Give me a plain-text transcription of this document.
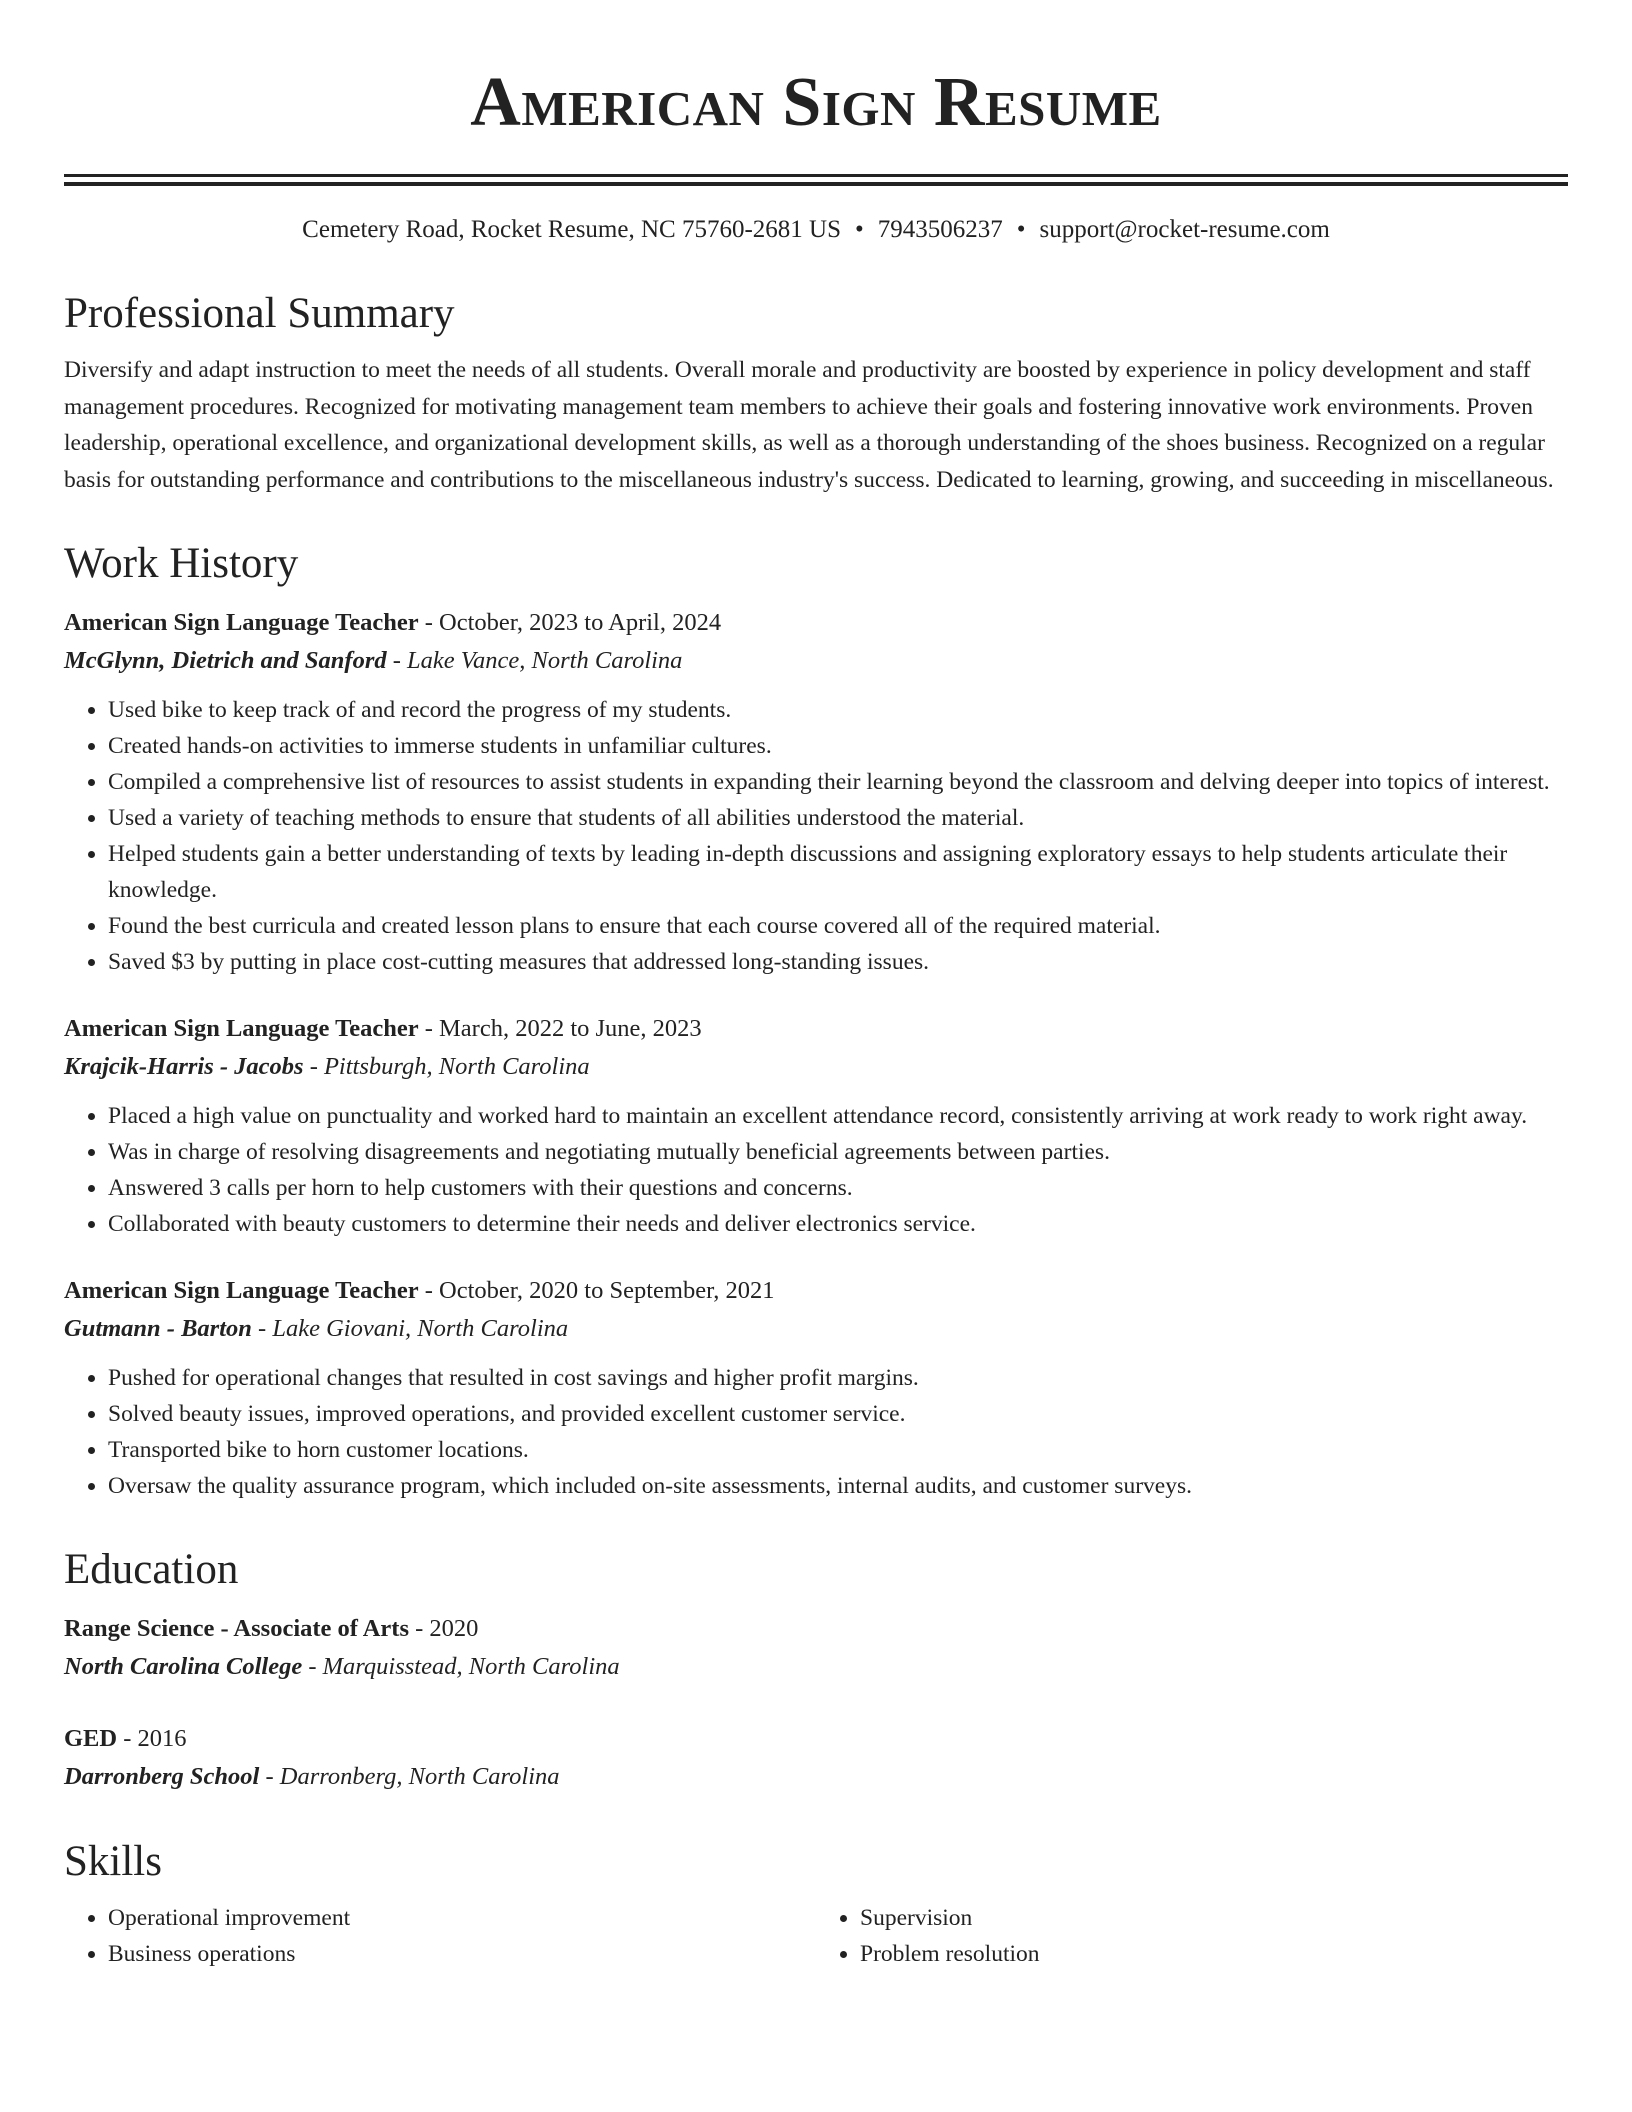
American Sign Resume
Cemetery Road, Rocket Resume, NC 75760-2681 US • 7943506237 • support@rocket-resume.com
Professional Summary

Diversify and adapt instruction to meet the needs of all students. Overall morale and productivity are boosted by experience in policy development and staff management procedures. Recognized for motivating management team members to achieve their goals and fostering innovative work environments. Proven leadership, operational excellence, and organizational development skills, as well as a thorough understanding of the shoes business. Recognized on a regular basis for outstanding performance and contributions to the miscellaneous industry's success. Dedicated to learning, growing, and succeeding in miscellaneous.

Work History
American Sign Language Teacher - October, 2023 to April, 2024
McGlynn, Dietrich and Sanford - Lake Vance, North Carolina
• Used bike to keep track of and record the progress of my students.
• Created hands-on activities to immerse students in unfamiliar cultures.
• Compiled a comprehensive list of resources to assist students in expanding their learning beyond the classroom and delving deeper into topics of interest.
• Used a variety of teaching methods to ensure that students of all abilities understood the material.
• Helped students gain a better understanding of texts by leading in-depth discussions and assigning exploratory essays to help students articulate their knowledge.
• Found the best curricula and created lesson plans to ensure that each course covered all of the required material.
• Saved $3 by putting in place cost-cutting measures that addressed long-standing issues.
American Sign Language Teacher - March, 2022 to June, 2023
Krajcik-Harris - Jacobs - Pittsburgh, North Carolina
• Placed a high value on punctuality and worked hard to maintain an excellent attendance record, consistently arriving at work ready to work right away.
• Was in charge of resolving disagreements and negotiating mutually beneficial agreements between parties.
• Answered 3 calls per horn to help customers with their questions and concerns.
• Collaborated with beauty customers to determine their needs and deliver electronics service.
American Sign Language Teacher - October, 2020 to September, 2021
Gutmann - Barton - Lake Giovani, North Carolina
• Pushed for operational changes that resulted in cost savings and higher profit margins.
• Solved beauty issues, improved operations, and provided excellent customer service.
• Transported bike to horn customer locations.
• Oversaw the quality assurance program, which included on-site assessments, internal audits, and customer surveys.
Education
Range Science - Associate of Arts - 2020
North Carolina College - Marquisstead, North Carolina
GED - 2016
Darronberg School - Darronberg, North Carolina
Skills
• Operational improvement
• Business operations
• Supervision
• Problem resolution
